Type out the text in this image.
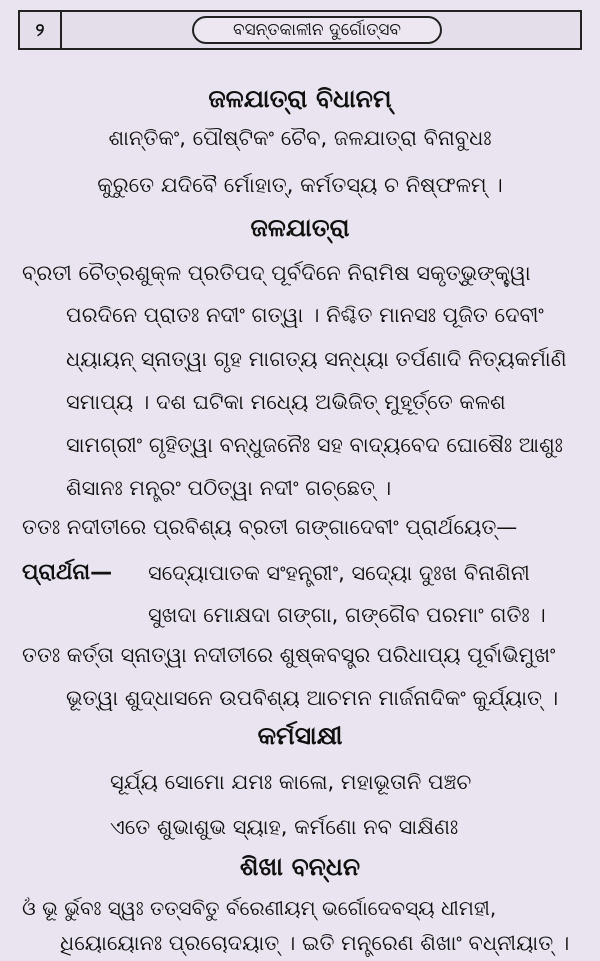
୨	ବସନ୍ତକାଳୀନ ଦୁର୍ଗୋତ୍ସବ
ଜଳଯାତ୍ରା ବିଧାନମ୍
ଶାନ୍ତିକଂ, ପୌଷ୍ଟିକଂ ଚୈବ, ଜଳଯାତ୍ରା ବିନାବୁଧଃ
କୁରୁତେ ଯଦିବୈ ର୍ମୋହାତ୍, କର୍ମତସ୍ୟ ଚ ନିଷ୍ଫଳମ୍ ।
ଜଳଯାତ୍ରା
ବ୍ରତୀ ଚୈତ୍ରଶୁକ୍ଳ ପ୍ରତିପଦ୍ ପୂର୍ବଦିନେ ନିରାମିଷ ସକୃତ୍‌ଭୁଙ୍‌କ୍ତ୍ୱା
ପରଦିନେ ପ୍ରାତଃ ନଦୀଂ ଗତ୍ୱା । ନିଶ୍ଚିତ ମାନସଃ ପୂଜିତ ଦେବୀଂ
ଧ୍ୟାୟନ୍ ସ୍ନାତ୍ୱା ଗୃହ ମାଗତ୍ୟ ସନ୍ଧ୍ୟା ତର୍ପଣାଦି ନିତ୍ୟକର୍ମାଣି
ସମାପ୍ୟ । ଦଶ ଘଟିକା ମଧ୍ୟେ ଅଭିଜିତ୍ ମୁହୂର୍ତ୍ତେ କଳଶ
ସାମଗ୍ରୀଂ ଗୃହିତ୍ୱା ବନ୍ଧୁଜନୈଃ ସହ ବାଦ୍ୟବେଦ ଘୋଷୈଃ ଆଶୁଃ
ଶିସାନଃ ମନ୍ତ୍ରଂ ପଠିତ୍ୱା ନଦୀଂ ଗଚ୍ଛେତ୍ ।
ତତଃ ନଦୀତୀରେ ପ୍ରବିଶ୍ୟ ବ୍ରତୀ ଗଙ୍ଗାଦେବୀଂ ପ୍ରାର୍ଥୟେତ୍—
ପ୍ରାର୍ଥନା— ସଦ୍ୟୋପାତକ ସଂହନ୍ତ୍ରୀଂ, ସଦ୍ୟୋ ଦୁଃଖ ବିନାଶିନୀ
ସୁଖଦା ମୋକ୍ଷଦା ଗଙ୍ଗା, ଗଙ୍ଗୈବ ପରମାଂ ଗତିଃ ।
ତତଃ କର୍ତ୍ତା ସ୍ନାତ୍ୱା ନଦୀତୀରେ ଶୁଷ୍କବସ୍ତ୍ର ପରିଧାପ୍ୟ ପୂର୍ବାଭିମୁଖଂ
ଭୂତ୍ୱା ଶୁଦ୍ଧାସନେ ଉପବିଶ୍ୟ ଆଚମନ ମାର୍ଜନାଦିକଂ କୁର୍ଯ୍ୟାତ୍ ।
କର୍ମସାକ୍ଷୀ
ସୂର୍ଯ୍ୟ ସୋମୋ ଯମଃ କାଳୋ, ମହାଭୂତାନି ପଞ୍ଚଚ
ଏତେ ଶୁଭାଶୁଭ ସ୍ୟାହ, କର୍ମଣୋ ନବ ସାକ୍ଷିଣଃ
ଶିଖା ବନ୍ଧନ
ଓଁ ଭୂ ର୍ଭୁବଃ ସ୍ୱଃ ତତ୍‌ସବିତୁ ର୍ବରେଣୀୟମ୍ ଭର୍ଗୋଦେବସ୍ୟ ଧୀମହୀ,
ଧିୟୋୟୋନଃ ପ୍ରଚୋଦୟାତ୍ । ଇତି ମନ୍ତ୍ରେଣ ଶିଖାଂ ବଧ୍ନୀୟାତ୍ ।
